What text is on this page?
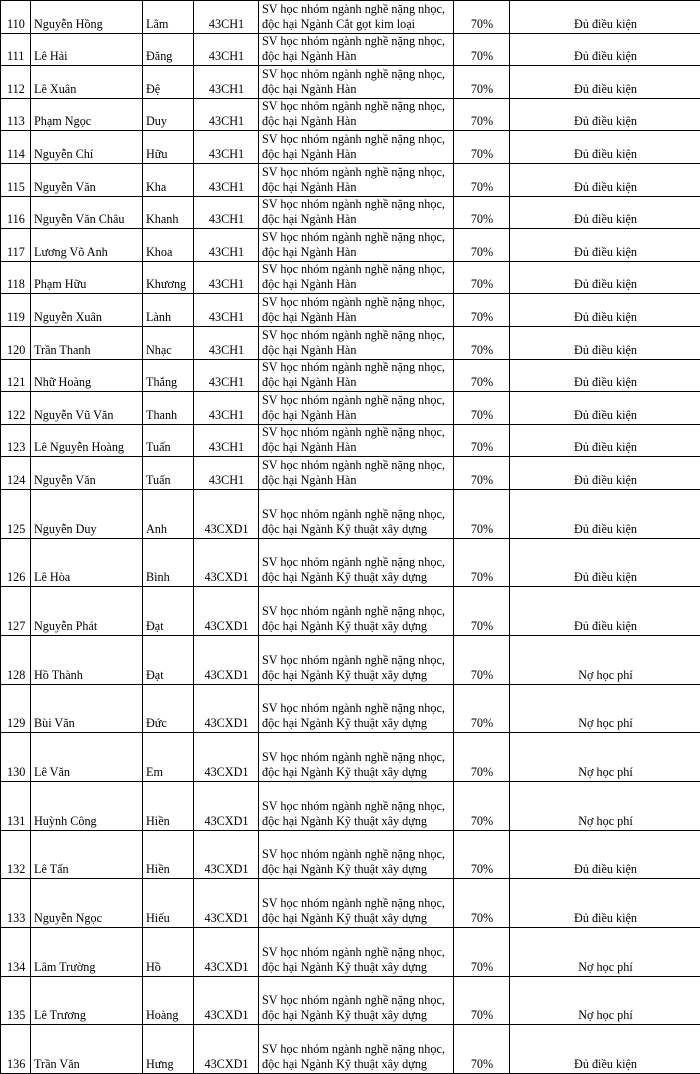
110	Nguyễn Hồng	Lâm	43CH1	SV học nhóm ngành nghề nặng nhọc,
độc hại Ngành Cắt gọt kim loại	70%	Đủ điều kiện
111	Lê Hải	Đăng	43CH1	SV học nhóm ngành nghề nặng nhọc,
độc hại Ngành Hàn	70%	Đủ điều kiện
112	Lê Xuân	Đệ	43CH1	SV học nhóm ngành nghề nặng nhọc,
độc hại Ngành Hàn	70%	Đủ điều kiện
113	Phạm Ngọc	Duy	43CH1	SV học nhóm ngành nghề nặng nhọc,
độc hại Ngành Hàn	70%	Đủ điều kiện
114	Nguyễn Chí	Hữu	43CH1	SV học nhóm ngành nghề nặng nhọc,
độc hại Ngành Hàn	70%	Đủ điều kiện
115	Nguyễn Văn	Kha	43CH1	SV học nhóm ngành nghề nặng nhọc,
độc hại Ngành Hàn	70%	Đủ điều kiện
116	Nguyễn Văn Châu	Khanh	43CH1	SV học nhóm ngành nghề nặng nhọc,
độc hại Ngành Hàn	70%	Đủ điều kiện
117	Lương Võ Anh	Khoa	43CH1	SV học nhóm ngành nghề nặng nhọc,
độc hại Ngành Hàn	70%	Đủ điều kiện
118	Phạm Hữu	Khương	43CH1	SV học nhóm ngành nghề nặng nhọc,
độc hại Ngành Hàn	70%	Đủ điều kiện
119	Nguyễn Xuân	Lành	43CH1	SV học nhóm ngành nghề nặng nhọc,
độc hại Ngành Hàn	70%	Đủ điều kiện
120	Trần Thanh	Nhạc	43CH1	SV học nhóm ngành nghề nặng nhọc,
độc hại Ngành Hàn	70%	Đủ điều kiện
121	Nhữ Hoàng	Thắng	43CH1	SV học nhóm ngành nghề nặng nhọc,
độc hại Ngành Hàn	70%	Đủ điều kiện
122	Nguyễn Vũ Văn	Thanh	43CH1	SV học nhóm ngành nghề nặng nhọc,
độc hại Ngành Hàn	70%	Đủ điều kiện
123	Lê Nguyễn Hoàng	Tuấn	43CH1	SV học nhóm ngành nghề nặng nhọc,
độc hại Ngành Hàn	70%	Đủ điều kiện
124	Nguyễn Văn	Tuấn	43CH1	SV học nhóm ngành nghề nặng nhọc,
độc hại Ngành Hàn	70%	Đủ điều kiện
125	Nguyễn Duy	Anh	43CXD1	SV học nhóm ngành nghề nặng nhọc,
độc hại Ngành Kỹ thuật xây dựng	70%	Đủ điều kiện
126	Lê Hòa	Bình	43CXD1	SV học nhóm ngành nghề nặng nhọc,
độc hại Ngành Kỹ thuật xây dựng	70%	Đủ điều kiện
127	Nguyễn Phát	Đạt	43CXD1	SV học nhóm ngành nghề nặng nhọc,
độc hại Ngành Kỹ thuật xây dựng	70%	Đủ điều kiện
128	Hồ Thành	Đạt	43CXD1	SV học nhóm ngành nghề nặng nhọc,
độc hại Ngành Kỹ thuật xây dựng	70%	Nợ học phí
129	Bùi Văn	Đức	43CXD1	SV học nhóm ngành nghề nặng nhọc,
độc hại Ngành Kỹ thuật xây dựng	70%	Nợ học phí
130	Lê Văn	Em	43CXD1	SV học nhóm ngành nghề nặng nhọc,
độc hại Ngành Kỹ thuật xây dựng	70%	Nợ học phí
131	Huỳnh Công	Hiền	43CXD1	SV học nhóm ngành nghề nặng nhọc,
độc hại Ngành Kỹ thuật xây dựng	70%	Nợ học phí
132	Lê Tấn	Hiền	43CXD1	SV học nhóm ngành nghề nặng nhọc,
độc hại Ngành Kỹ thuật xây dựng	70%	Đủ điều kiện
133	Nguyễn Ngọc	Hiếu	43CXD1	SV học nhóm ngành nghề nặng nhọc,
độc hại Ngành Kỹ thuật xây dựng	70%	Đủ điều kiện
134	Lâm Trường	Hồ	43CXD1	SV học nhóm ngành nghề nặng nhọc,
độc hại Ngành Kỹ thuật xây dựng	70%	Nợ học phí
135	Lê Trương	Hoàng	43CXD1	SV học nhóm ngành nghề nặng nhọc,
độc hại Ngành Kỹ thuật xây dựng	70%	Nợ học phí
136	Trần Văn	Hưng	43CXD1	SV học nhóm ngành nghề nặng nhọc,
độc hại Ngành Kỹ thuật xây dựng	70%	Đủ điều kiện
